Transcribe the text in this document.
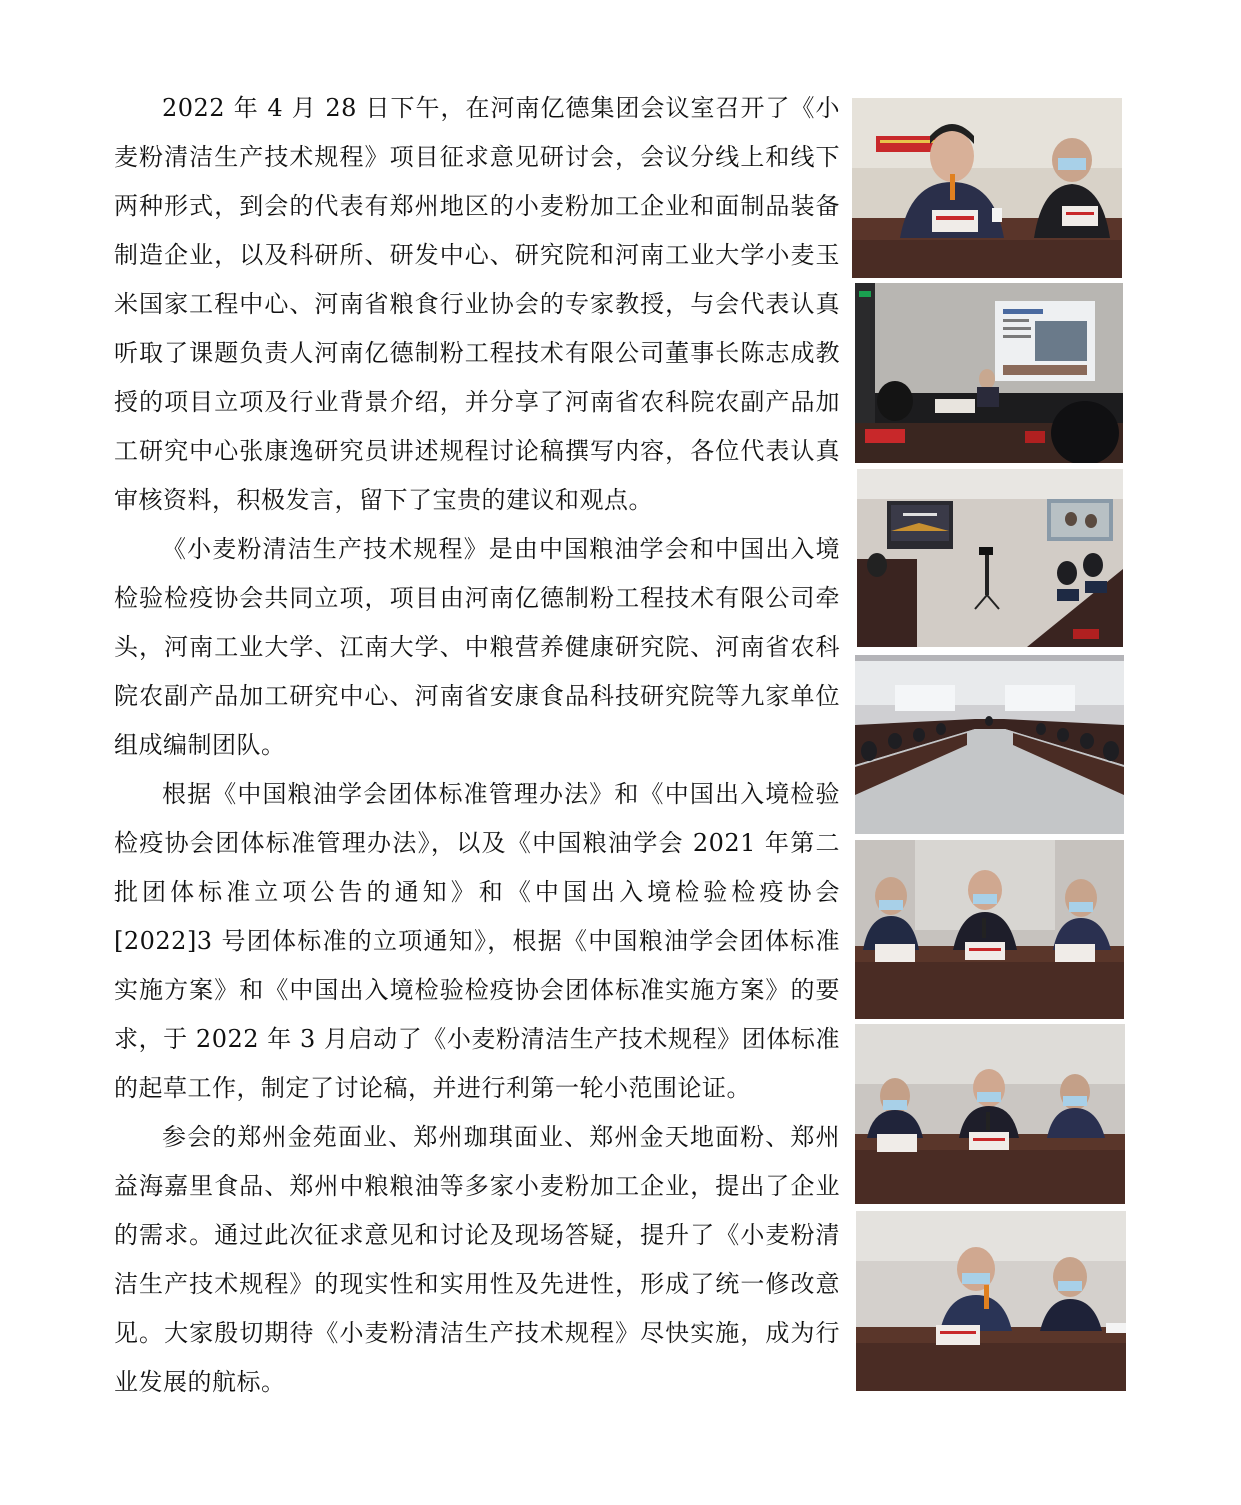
2022 年 4 月 28 日下午，在河南亿德集团会议室召开了《小麦粉清洁生产技术规程》项目征求意见研讨会，会议分线上和线下两种形式，到会的代表有郑州地区的小麦粉加工企业和面制品装备制造企业，以及科研所、研发中心、研究院和河南工业大学小麦玉米国家工程中心、河南省粮食行业协会的专家教授，与会代表认真听取了课题负责人河南亿德制粉工程技术有限公司董事长陈志成教授的项目立项及行业背景介绍，并分享了河南省农科院农副产品加工研究中心张康逸研究员讲述规程讨论稿撰写内容，各位代表认真审核资料，积极发言，留下了宝贵的建议和观点。

《小麦粉清洁生产技术规程》是由中国粮油学会和中国出入境检验检疫协会共同立项，项目由河南亿德制粉工程技术有限公司牵头，河南工业大学、江南大学、中粮营养健康研究院、河南省农科院农副产品加工研究中心、河南省安康食品科技研究院等九家单位组成编制团队。

根据《中国粮油学会团体标准管理办法》和《中国出入境检验检疫协会团体标准管理办法》，以及《中国粮油学会 2021 年第二批团体标准立项公告的通知》和《中国出入境检验检疫协会[2022]3 号团体标准的立项通知》，根据《中国粮油学会团体标准实施方案》和《中国出入境检验检疫协会团体标准实施方案》的要求，于 2022 年 3 月启动了《小麦粉清洁生产技术规程》团体标准的起草工作，制定了讨论稿，并进行利第一轮小范围论证。

参会的郑州金苑面业、郑州珈琪面业、郑州金天地面粉、郑州益海嘉里食品、郑州中粮粮油等多家小麦粉加工企业，提出了企业的需求。通过此次征求意见和讨论及现场答疑，提升了《小麦粉清洁生产技术规程》的现实性和实用性及先进性，形成了统一修改意见。大家殷切期待《小麦粉清洁生产技术规程》尽快实施，成为行业发展的航标。
